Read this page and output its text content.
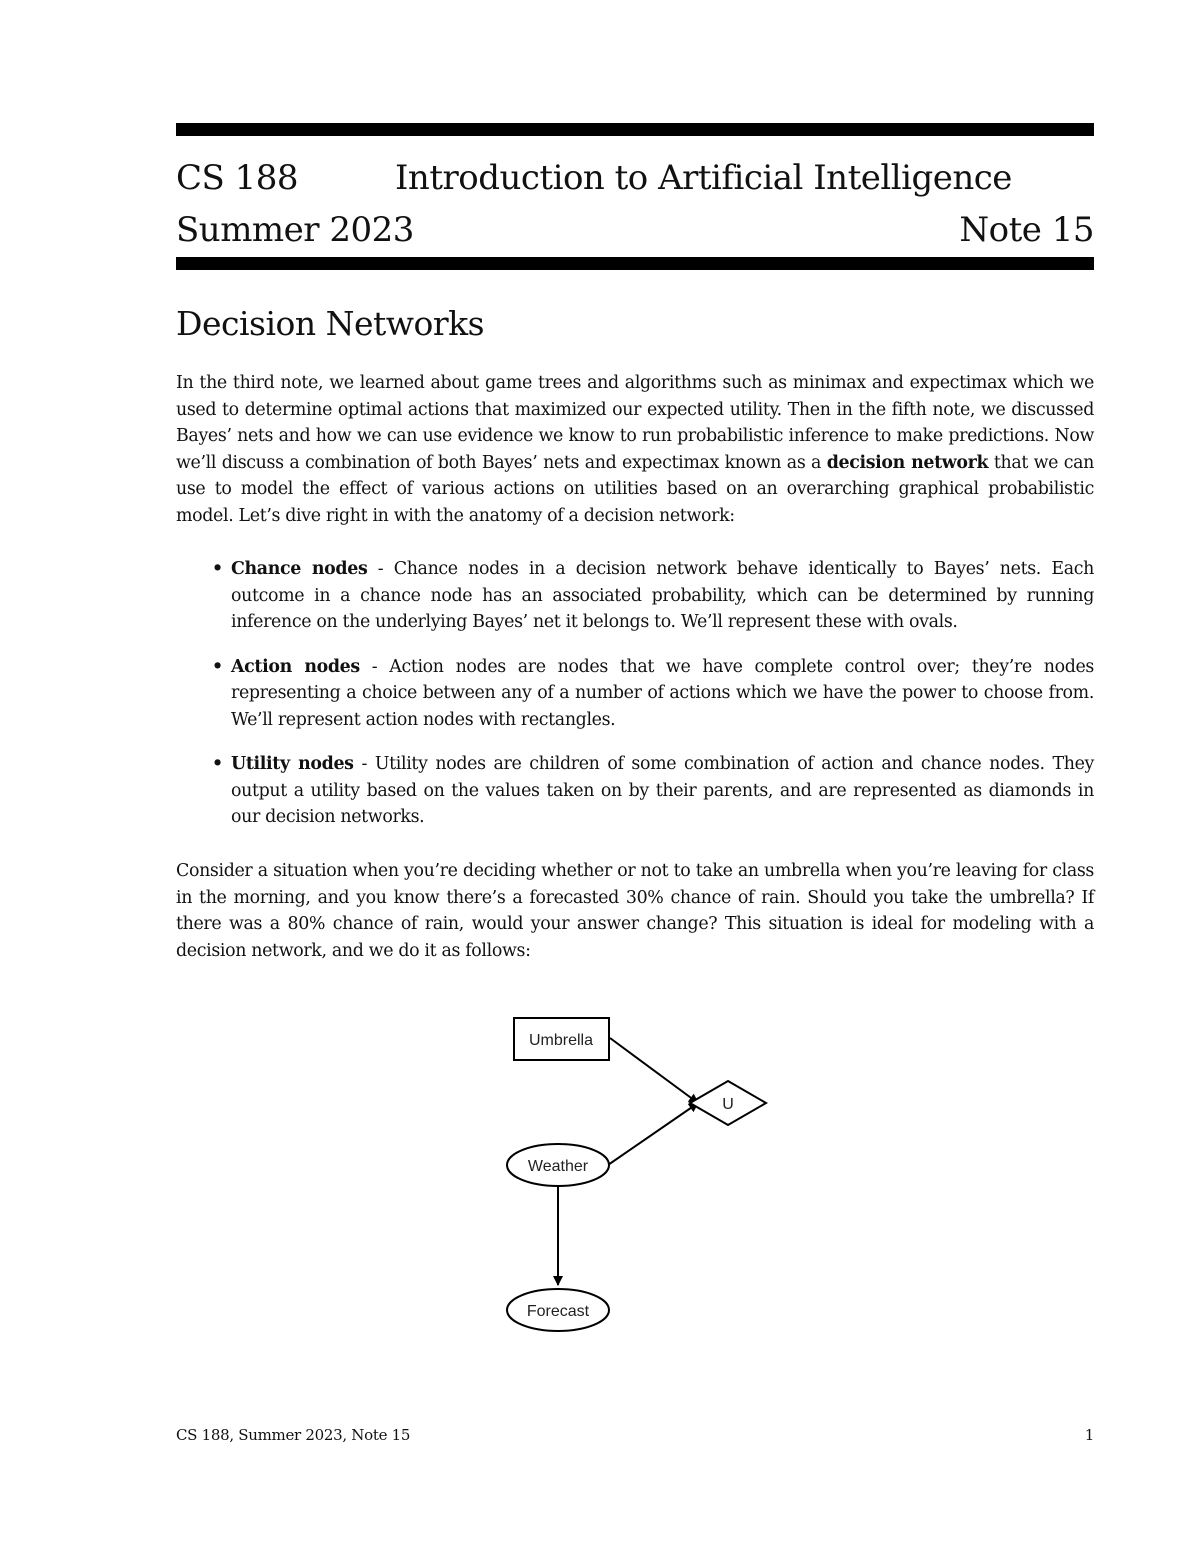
CS 188	Introduction to Artificial Intelligence
Summer 2023	Note 15
Decision Networks

In the third note, we learned about game trees and algorithms such as minimax and expectimax which we used to determine optimal actions that maximized our expected utility. Then in the fifth note, we discussed Bayes’ nets and how we can use evidence we know to run probabilistic inference to make predictions. Now we’ll discuss a combination of both Bayes’ nets and expectimax known as a decision network that we can use to model the effect of various actions on utilities based on an overarching graphical probabilistic model. Let’s dive right in with the anatomy of a decision network:

• Chance nodes - Chance nodes in a decision network behave identically to Bayes’ nets. Each outcome in a chance node has an associated probability, which can be determined by running inference on the underlying Bayes’ net it belongs to. We’ll represent these with ovals.
• Action nodes - Action nodes are nodes that we have complete control over; they’re nodes representing a choice between any of a number of actions which we have the power to choose from. We’ll represent action nodes with rectangles.
• Utility nodes - Utility nodes are children of some combination of action and chance nodes. They output a utility based on the values taken on by their parents, and are represented as diamonds in our decision networks.

Consider a situation when you’re deciding whether or not to take an umbrella when you’re leaving for class in the morning, and you know there’s a forecasted 30% chance of rain. Should you take the umbrella? If there was a 80% chance of rain, would your answer change? This situation is ideal for modeling with a decision network, and we do it as follows:

Umbrella
U
Weather
Forecast
CS 188, Summer 2023, Note 15	1
